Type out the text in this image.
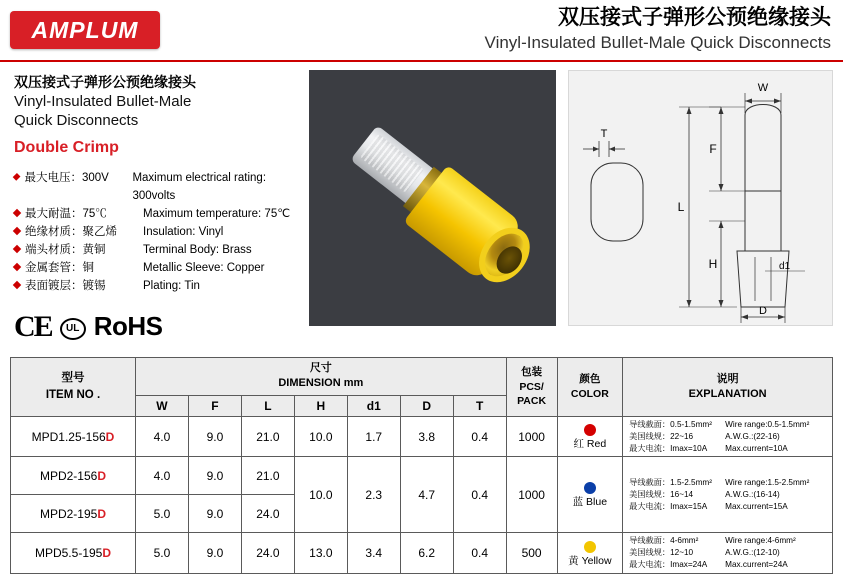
AMPLUM	双压接式子弹形公预绝缘接头
Vinyl-Insulated Bullet-Male Quick Disconnects
双压接式子弹形公预绝缘接头
Vinyl-Insulated Bullet-Male
Quick Disconnects
Double Crimp
最大电压：300V	Maximum electrical rating: 300volts
最大耐温：75℃	Maximum temperature: 75℃
绝缘材质：聚乙烯	Insulation: Vinyl
端头材质：黄铜	Terminal Body: Brass
金属套管：铜	Metallic Sleeve: Copper
表面镀层：镀锡	Plating: Tin
CE	UL RoHS
T
W
F
L
H	d1
D
型号
ITEM NO .

尺寸
DIMENSION mm

包装
PCS/ PACK

颜色
COLOR

说明
EXPLANATION

W	F	L	H	d1	D	T
MPD1.25-156D	4.0	9.0	21.0	10.0	1.7	3.8	0.4	1000	
红 Red	
导线截面：0.5-1.5mm²	Wire range:0.5-1.5mm²
美国线规：22~16	A.W.G.:(22-16)
最大电流：Imax=10A	Max.current=10A

MPD2-156D	4.0	9.0	21.0	10.0	2.3	4.7	0.4	1000	
蓝 Blue	
导线截面：1.5-2.5mm²	Wire range:1.5-2.5mm²
美国线规：16~14	A.W.G.:(16-14)
最大电流：Imax=15A	Max.current=15A

MPD2-195D	5.0	9.0	24.0
MPD5.5-195D	5.0	9.0	24.0	13.0	3.4	6.2	0.4	500	
黄 Yellow	
导线截面：4-6mm²	Wire range:4-6mm²
美国线规：12~10	A.W.G.:(12-10)
最大电流：Imax=24A	Max.current=24A
